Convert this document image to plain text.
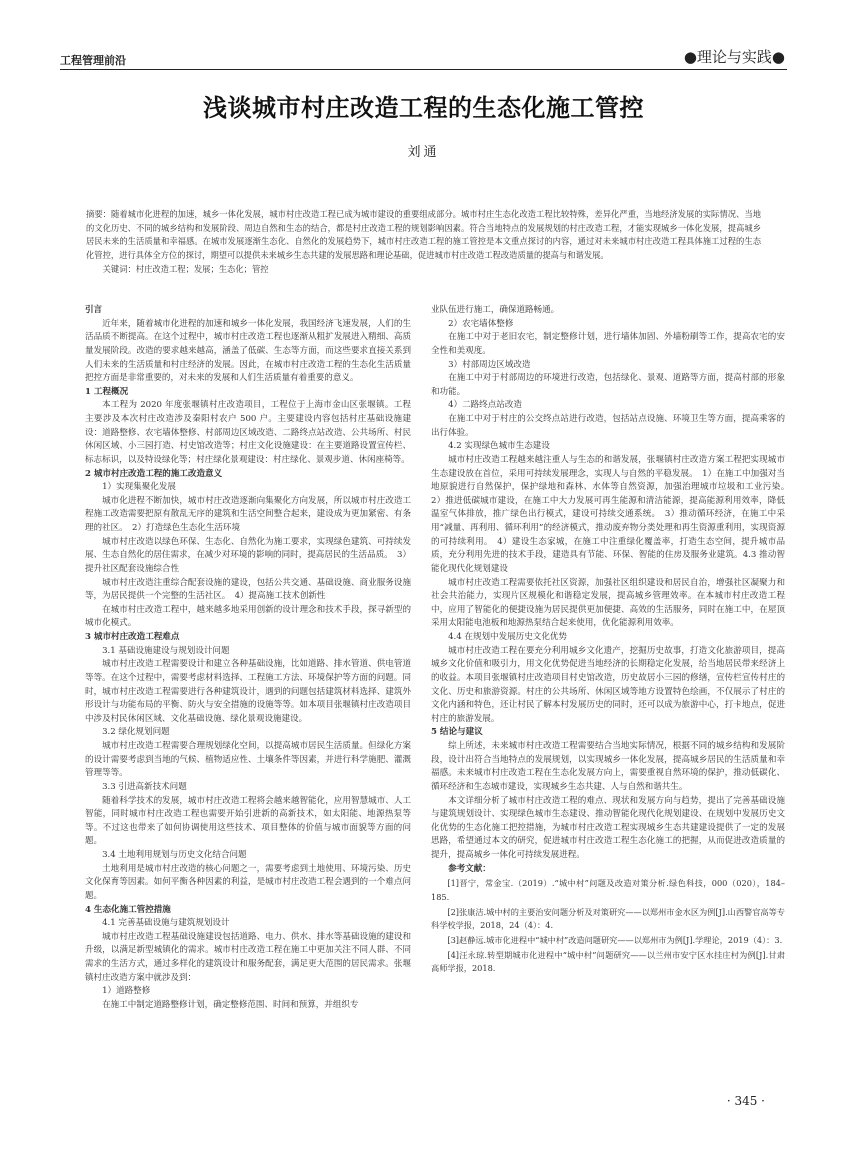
工程管理前沿	●理论与实践●
浅谈城市村庄改造工程的生态化施工管控
刘通

摘要：随着城市化进程的加速，城乡一体化发展，城市村庄改造工程已成为城市建设的重要组成部分。城市村庄生态化改造工程比较特殊，差异化严重，当地经济发展的实际情况、当地的文化历史、不同的城乡结构和发展阶段、周边自然和生态的结合，都是村庄改造工程的规划影响因素。符合当地特点的发展规划的村庄改造工程，才能实现城乡一体化发展，提高城乡居民未来的生活质量和幸福感。在城市发展逐渐生态化、自然化的发展趋势下，城市村庄改造工程的施工管控是本文重点探讨的内容，通过对未来城市村庄改造工程具体施工过程的生态化管控，进行具体全方位的探讨，期望可以提供未来城乡生态共建的发展思路和理论基础，促进城市村庄改造工程改造质量的提高与和谐发展。

关键词：村庄改造工程；发展；生态化；管控

引言

近年来，随着城市化进程的加速和城乡一体化发展，我国经济飞速发展，人们的生活品质不断提高。在这个过程中，城市村庄改造工程也逐渐从粗扩发展进入精细、高质量发展阶段。改造的要求越来越高，涵盖了低碳、生态等方面，而这些要求直接关系到人们未来的生活质量和村庄经济的发展。因此，在城市村庄改造工程的生态化生活质量把控方面是非常重要的，对未来的发展和人们生活质量有着重要的意义。

1 工程概况

本工程为 2020 年度张堰镇村庄改造项目，工程位于上海市金山区张堰镇。工程主要涉及本次村庄改造涉及秦阳村农户 500 户。主要建设内容包括村庄基础设施建设：道路整修、农宅墙体整修、村部周边区域改造、二路终点站改造、公共场所、村民休闲区域、小三园打造、村史馆改造等；村庄文化设施建设：在主要道路设置宣传栏、标志标识，以及特设绿化等；村庄绿化景观建设：村庄绿化、景观步道、休闲座椅等。

2 城市村庄改造工程的施工改造意义

1）实现集聚化发展

城市化进程不断加快，城市村庄改造逐渐向集聚化方向发展，所以城市村庄改造工程施工改造需要把原有散乱无序的建筑和生活空间整合起来，建设成为更加紧密、有条理的社区。　2）打造绿色生态化生活环境

城市村庄改造以绿色环保、生态化、自然化为施工要求，实现绿色建筑、可持续发展、生态自然化的居住需求，在减少对环境的影响的同时，提高居民的生活品质。　3）提升社区配套设施综合性

城市村庄改造注重综合配套设施的建设，包括公共交通、基础设施、商业服务设施等，为居民提供一个完整的生活社区。　4）提高施工技术创新性

在城市村庄改造工程中，越来越多地采用创新的设计理念和技术手段，探寻新型的城市化模式。

3 城市村庄改造工程难点

3.1 基础设施建设与规划设计问题

城市村庄改造工程需要设计和建立各种基础设施，比如道路、排水管道、供电管道等等。在这个过程中，需要考虑材料选择、工程施工方法、环境保护等方面的问题。同时，城市村庄改造工程需要进行各种建筑设计，遇到的问题包括建筑材料选择、建筑外形设计与功能布局的平衡、防火与安全措施的设施等等。如本项目张堰镇村庄改造项目中涉及村民休闲区域、文化基础设施、绿化景观设施建设。

3.2 绿化规划问题

城市村庄改造工程需要合理规划绿化空间，以提高城市居民生活质量。但绿化方案的设计需要考虑到当地的气候、植物适应性、土壤条件等因素，并进行科学施肥、灌溉管理等等。

3.3 引进高新技术问题

随着科学技术的发展，城市村庄改造工程将会越来越智能化，应用智慧城市、人工智能，同时城市村庄改造工程也需要开始引进新的高新技术，如太阳能、地源热泵等等。不过这也带来了如何协调使用这些技术、项目整体的价值与城市面貌等方面的问题。

3.4 土地利用规划与历史文化结合问题

土地利用是城市村庄改造的核心问题之一，需要考虑到土地使用、环境污染、历史文化保育等因素。如何平衡各种因素的利益，是城市村庄改造工程会遇到的一个难点问题。

4 生态化施工管控措施

4.1 完善基础设施与建筑规划设计

城市村庄改造工程基础设施建设包括道路、电力、供水、排水等基础设施的建设和升级，以满足新型城镇化的需求。城市村庄改造工程在施工中更加关注不同人群、不同需求的生活方式，通过多样化的建筑设计和服务配套，满足更大范围的居民需求。张堰镇村庄改造方案中就涉及到：

1）道路整修

在施工中制定道路整修计划，确定整修范围、时间和预算，并组织专

业队伍进行施工，确保道路畅通。

2）农宅墙体整修

在施工中对于老旧农宅，制定整修计划，进行墙体加固、外墙粉刷等工作，提高农宅的安全性和美观度。

3）村部周边区域改造

在施工中对于村部周边的环境进行改造，包括绿化、景观、道路等方面，提高村部的形象和功能。

4）二路终点站改造

在施工中对于村庄的公交终点站进行改造，包括站点设施、环境卫生等方面，提高乘客的出行体验。

4.2 实现绿色城市生态建设

城市村庄改造工程越来越注重人与生态的和谐发展，张堰镇村庄改造方案工程把实现城市生态建设放在首位，采用可持续发展理念，实现人与自然的平稳发展。　1）在施工中加强对当地原貌进行自然保护，保护绿地和森林、水体等自然资源，加强治理城市垃圾和工业污染。　2）推进低碳城市建设，在施工中大力发展可再生能源和清洁能源，提高能源利用效率，降低温室气体排放，推广绿色出行模式，建设可持续交通系统。　3）推动循环经济，在施工中采用“减量、再利用、循环利用”的经济模式，推动废弃物分类处理和再生资源重利用，实现资源的可持续利用。　4）建设生态家城，在施工中注重绿化覆盖率，打造生态空间，提升城市品质，充分利用先进的技术手段，建造具有节能、环保、智能的住房及服务业建筑。4.3 推动智能化现代化规划建设

城市村庄改造工程需要依托社区资源，加强社区组织建设和居民自治，增强社区凝聚力和社会共治能力，实现片区规模化和谐稳定发展，提高城乡管理效率。在本城市村庄改造工程中，应用了智能化的便捷设施为居民提供更加便捷、高效的生活服务，同时在施工中，在屋顶采用太阳能电池板和地源热泵结合起来使用，优化能源利用效率。

4.4 在规划中发展历史文化优势

城市村庄改造工程在要充分利用城乡文化遗产，挖掘历史故事，打造文化旅游项目，提高城乡文化价值和吸引力，用文化优势促进当地经济的长期稳定化发展，给当地居民带来经济上的收益。本项目张堰镇村庄改造项目村史馆改造，历史故居小三园的修缮，宣传栏宣传村庄的文化、历史和旅游资源。村庄的公共场所、休闲区域等地方设置特色绘画，不仅展示了村庄的文化内涵和特色，还让村民了解本村发展历史的同时，还可以成为旅游中心，打卡地点，促进村庄的旅游发展。

5 结论与建议

综上所述，未来城市村庄改造工程需要结合当地实际情况，根据不同的城乡结构和发展阶段，设计出符合当地特点的发展规划，以实现城乡一体化发展，提高城乡居民的生活质量和幸福感。未来城市村庄改造工程在生态化发展方向上，需要重视自然环境的保护，推动低碳化、循环经济和生态城市建设，实现城乡生态共建、人与自然和谐共生。

本文详细分析了城市村庄改造工程的难点、现状和发展方向与趋势，提出了完善基础设施与建筑规划设计、实现绿色城市生态建设、推动智能化现代化规划建设、在规划中发展历史文化优势的生态化施工把控措施，为城市村庄改造工程实现城乡生态共建建设提供了一定的发展思路，希望通过本文的研究，促进城市村庄改造工程生态化施工的把握，从而促进改造质量的提升，提高城乡一体化可持续发展进程。

参考文献：

[1]晋宁，常金宝.（2019）.“城中村”问题及改造对策分析.绿色科技，000（020），184–185.

[2]张康洁.城中村的主要治安问题分析及对策研究——以郑州市金水区为例[J].山西警官高等专科学校学报，2018，24（4）：4.

[3]赵静远.城市化进程中“城中村”改造问题研究——以郑州市为例[J].学理论，2019（4）：3.

[4]汪永琼.转型期城市化进程中“城中村”问题研究——以兰州市安宁区水挂庄村为例[J].甘肃高师学报，2018.

· 345 ·
